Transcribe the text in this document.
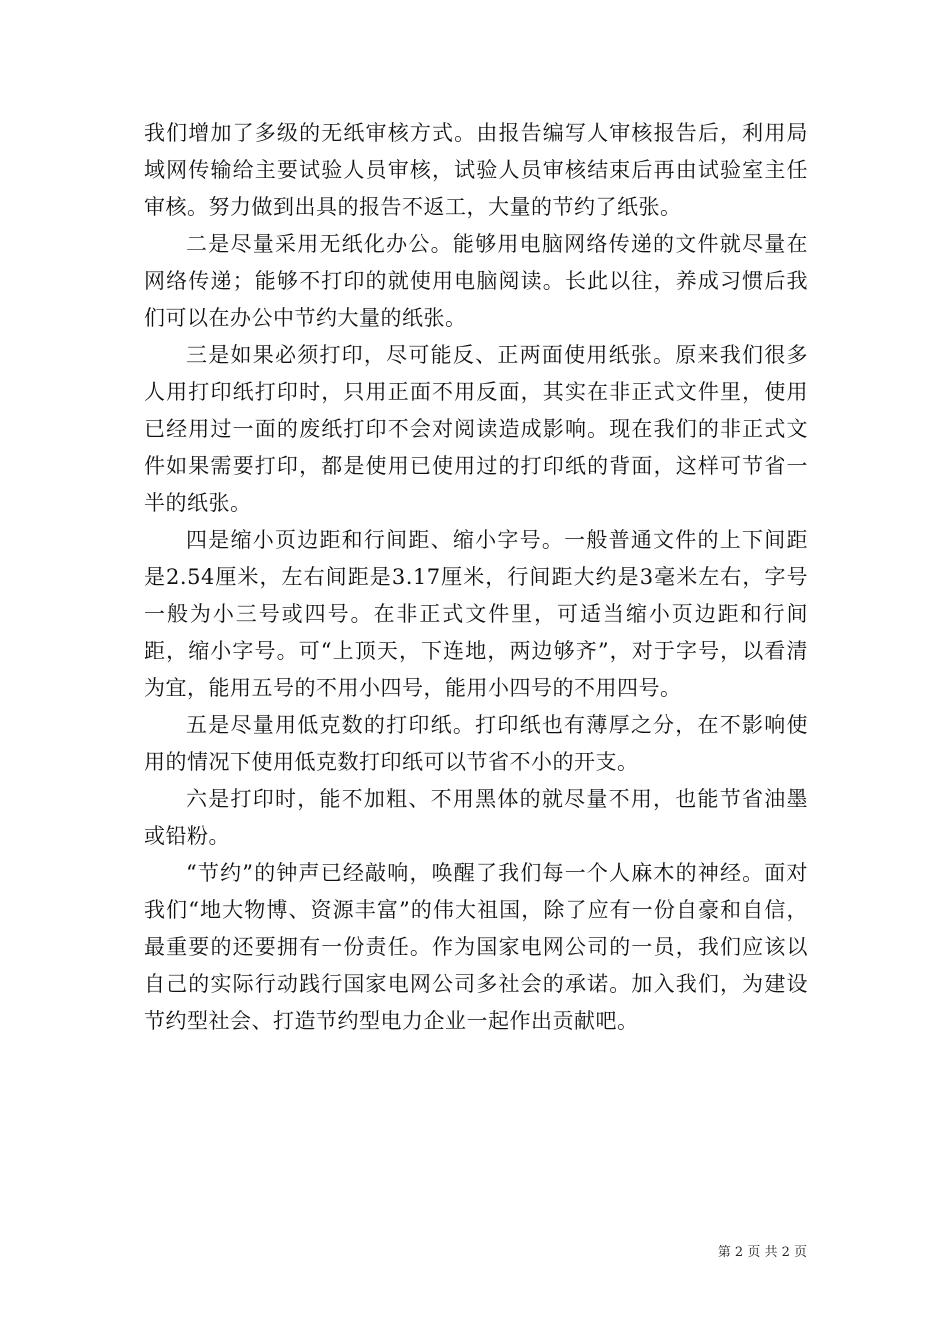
我们增加了多级的无纸审核方式。由报告编写人审核报告后，利用局域网传输给主要试验人员审核，试验人员审核结束后再由试验室主任审核。努力做到出具的报告不返工，大量的节约了纸张。

二是尽量采用无纸化办公。能够用电脑网络传递的文件就尽量在网络传递；能够不打印的就使用电脑阅读。长此以往，养成习惯后我们可以在办公中节约大量的纸张。

三是如果必须打印，尽可能反、正两面使用纸张。原来我们很多人用打印纸打印时，只用正面不用反面，其实在非正式文件里，使用已经用过一面的废纸打印不会对阅读造成影响。现在我们的非正式文件如果需要打印，都是使用已使用过的打印纸的背面，这样可节省一半的纸张。

四是缩小页边距和行间距、缩小字号。一般普通文件的上下间距是2.54厘米，左右间距是3.17厘米，行间距大约是3毫米左右，字号一般为小三号或四号。在非正式文件里，可适当缩小页边距和行间距，缩小字号。可“上顶天，下连地，两边够齐”，对于字号，以看清为宜，能用五号的不用小四号，能用小四号的不用四号。

五是尽量用低克数的打印纸。打印纸也有薄厚之分，在不影响使用的情况下使用低克数打印纸可以节省不小的开支。

六是打印时，能不加粗、不用黑体的就尽量不用，也能节省油墨或铅粉。

“节约”的钟声已经敲响，唤醒了我们每一个人麻木的神经。面对我们“地大物博、资源丰富”的伟大祖国，除了应有一份自豪和自信，最重要的还要拥有一份责任。作为国家电网公司的一员，我们应该以自己的实际行动践行国家电网公司多社会的承诺。加入我们，为建设节约型社会、打造节约型电力企业一起作出贡献吧。

第 2 页 共 2 页
